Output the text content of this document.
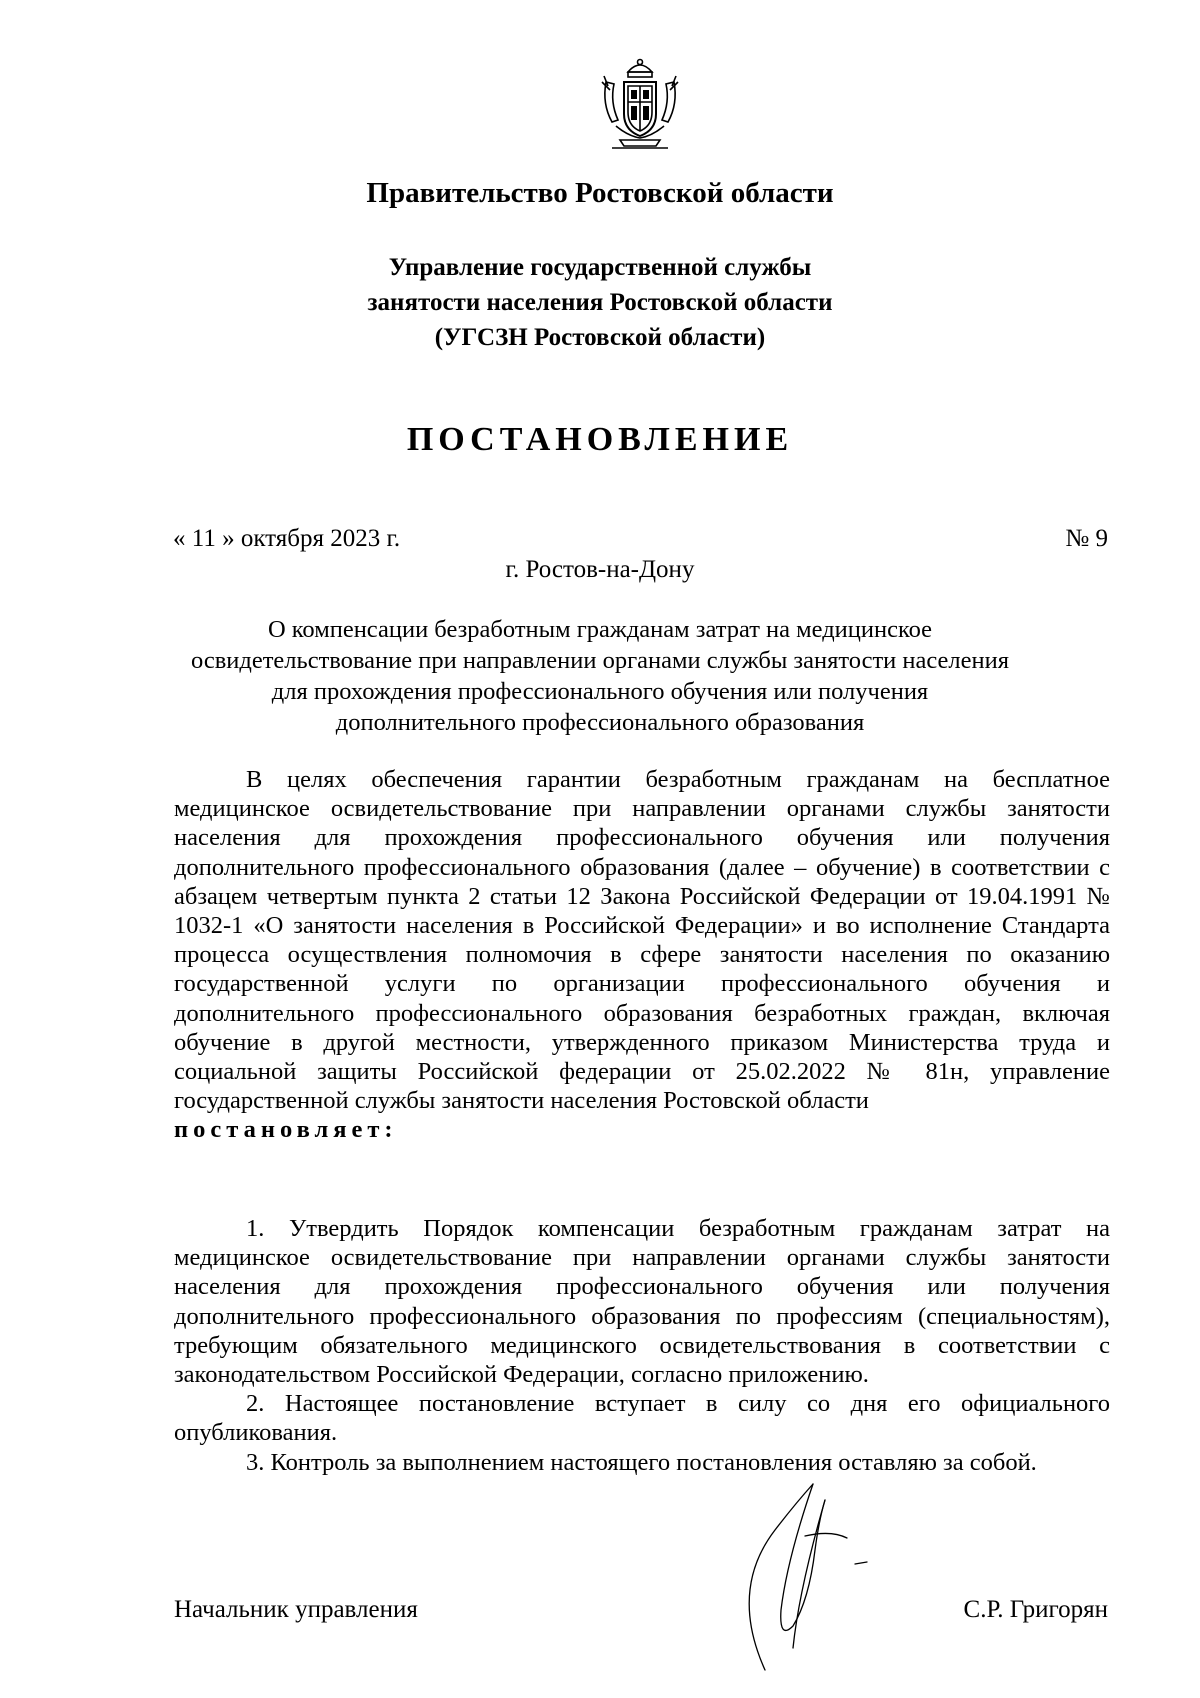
Правительство Ростовской области
Управление государственной службы
занятости населения Ростовской области
(УГСЗН Ростовской области)
ПОСТАНОВЛЕНИЕ
« 11 » октября 2023 г.	№ 9
г. Ростов-на-Дону
О компенсации безработным гражданам затрат на медицинское
освидетельствование при направлении органами службы занятости населения
для прохождения профессионального обучения или получения
дополнительного профессионального образования

В целях обеспечения гарантии безработным гражданам на бесплатное медицинское освидетельствование при направлении органами службы занятости населения для прохождения профессионального обучения или получения дополнительного профессионального образования (далее – обучение) в соответствии с абзацем четвертым пункта 2 статьи 12 Закона Российской Федерации от 19.04.1991 № 1032-1 «О занятости населения в Российской Федерации» и во исполнение Стандарта процесса осуществления полномочия в сфере занятости населения по оказанию государственной услуги по организации профессионального обучения и дополнительного профессионального образования безработных граждан, включая обучение в другой местности, утвержденного приказом Министерства труда и социальной защиты Российской федерации от 25.02.2022 № 81н, управление государственной службы занятости населения Ростовской области

постановляет:

1. Утвердить Порядок компенсации безработным гражданам затрат на медицинское освидетельствование при направлении органами службы занятости населения для прохождения профессионального обучения или получения дополнительного профессионального образования по профессиям (специальностям), требующим обязательного медицинского освидетельствования в соответствии с законодательством Российской Федерации, согласно приложению.

2. Настоящее постановление вступает в силу со дня его официального опубликования.

3. Контроль за выполнением настоящего постановления оставляю за собой.

Начальник управления	С.Р. Григорян
